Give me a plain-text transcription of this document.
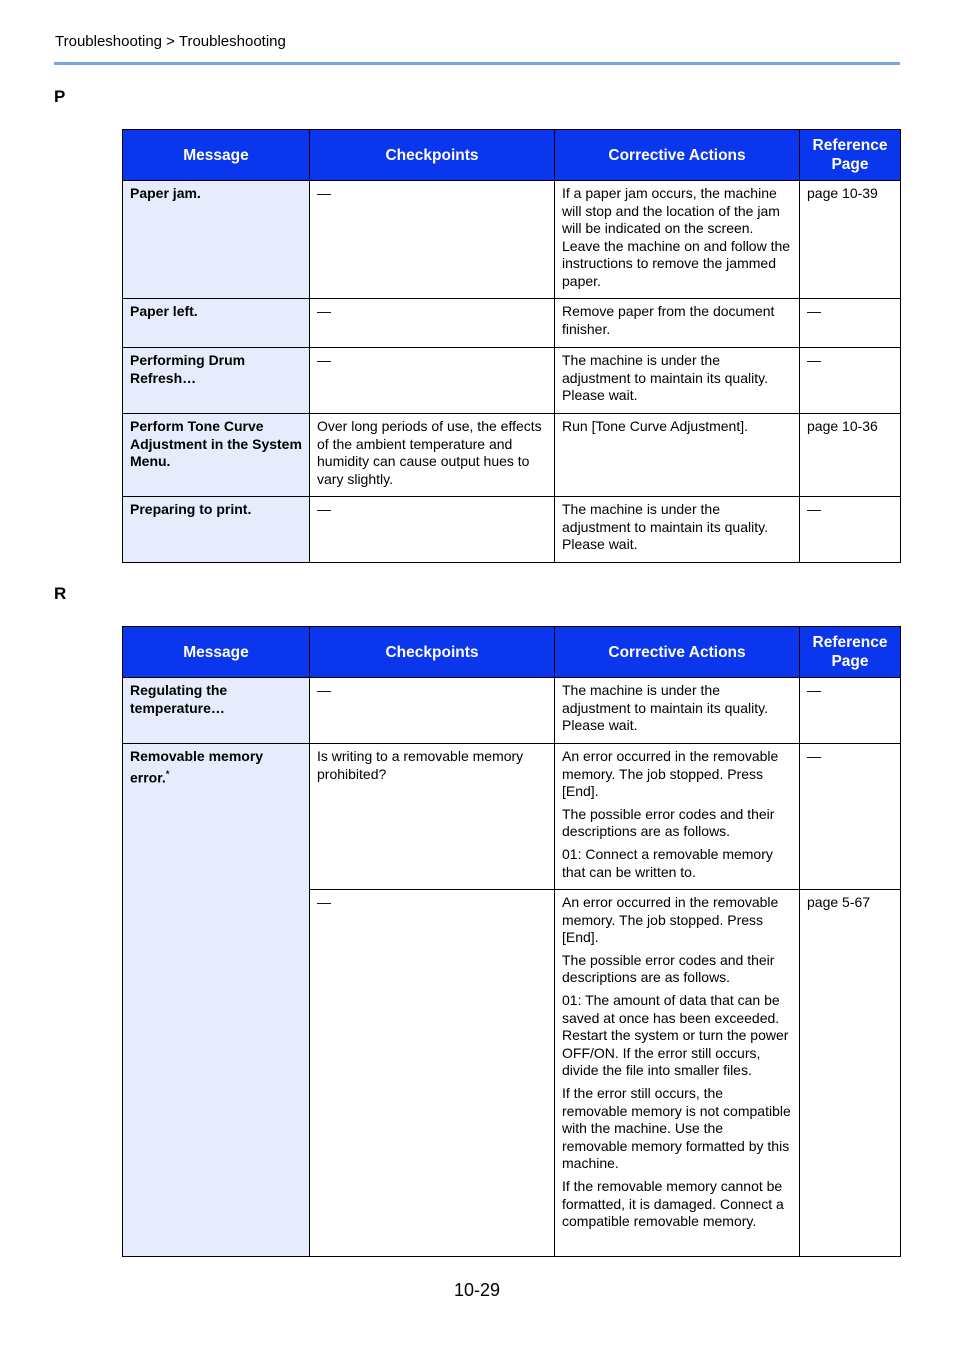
Troubleshooting > Troubleshooting
P
Message	Checkpoints	Corrective Actions	Reference
Page
Paper jam.	—	If a paper jam occurs, the machine will stop and the location of the jam will be indicated on the screen. Leave the machine on and follow the instructions to remove the jammed paper.	page 10-39
Paper left.	—	Remove paper from the document finisher.	—
Performing Drum Refresh…	—	The machine is under the adjustment to maintain its quality. Please wait.	—
Perform Tone Curve Adjustment in the System Menu.	Over long periods of use, the effects of the ambient temperature and humidity can cause output hues to vary slightly.	Run [Tone Curve Adjustment].	page 10-36
Preparing to print.	—	The machine is under the adjustment to maintain its quality. Please wait.	—
R
Message	Checkpoints	Corrective Actions	Reference
Page
Regulating the temperature…	—	The machine is under the adjustment to maintain its quality. Please wait.	—
Removable memory error.*	Is writing to a removable memory prohibited?	An error occurred in the removable memory. The job stopped. Press [End].

The possible error codes and their descriptions are as follows.

01: Connect a removable memory that can be written to.	—
	—	An error occurred in the removable memory. The job stopped. Press [End].

The possible error codes and their descriptions are as follows.

01: The amount of data that can be saved at once has been exceeded. Restart the system or turn the power OFF/ON. If the error still occurs, divide the file into smaller files.

If the error still occurs, the removable memory is not compatible with the machine. Use the removable memory formatted by this machine.

If the removable memory cannot be formatted, it is damaged. Connect a compatible removable memory.	page 5-67
10-29
